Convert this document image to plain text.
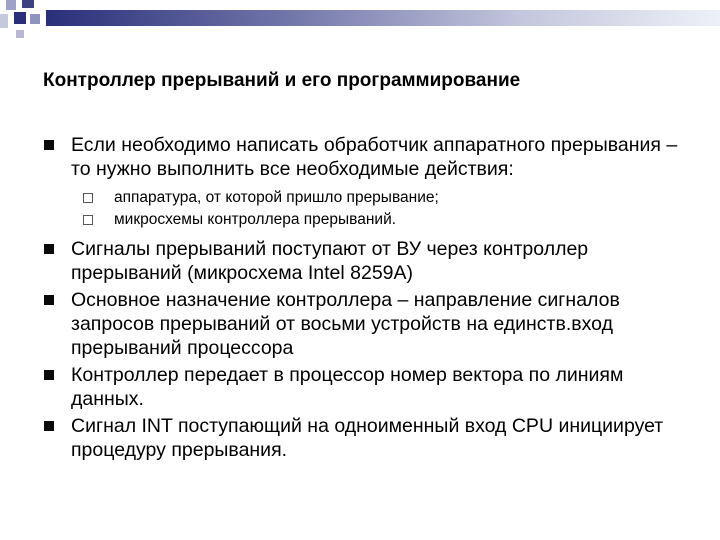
Контроллер прерываний и его программирование
Если необходимо написать обработчик аппаратного прерывания – то нужно выполнить все необходимые действия:
аппаратура, от которой пришло прерывание;
микросхемы контроллера прерываний.
Сигналы прерываний поступают от ВУ через контроллер прерываний (микросхема Intel 8259A)
Основное назначение контроллера – направление сигналов запросов прерываний от восьми устройств на единств.вход прерываний процессора
Контроллер передает в процессор номер вектора по линиям данных.
Сигнал INT поступающий на одноименный вход CPU инициирует процедуру прерывания.
